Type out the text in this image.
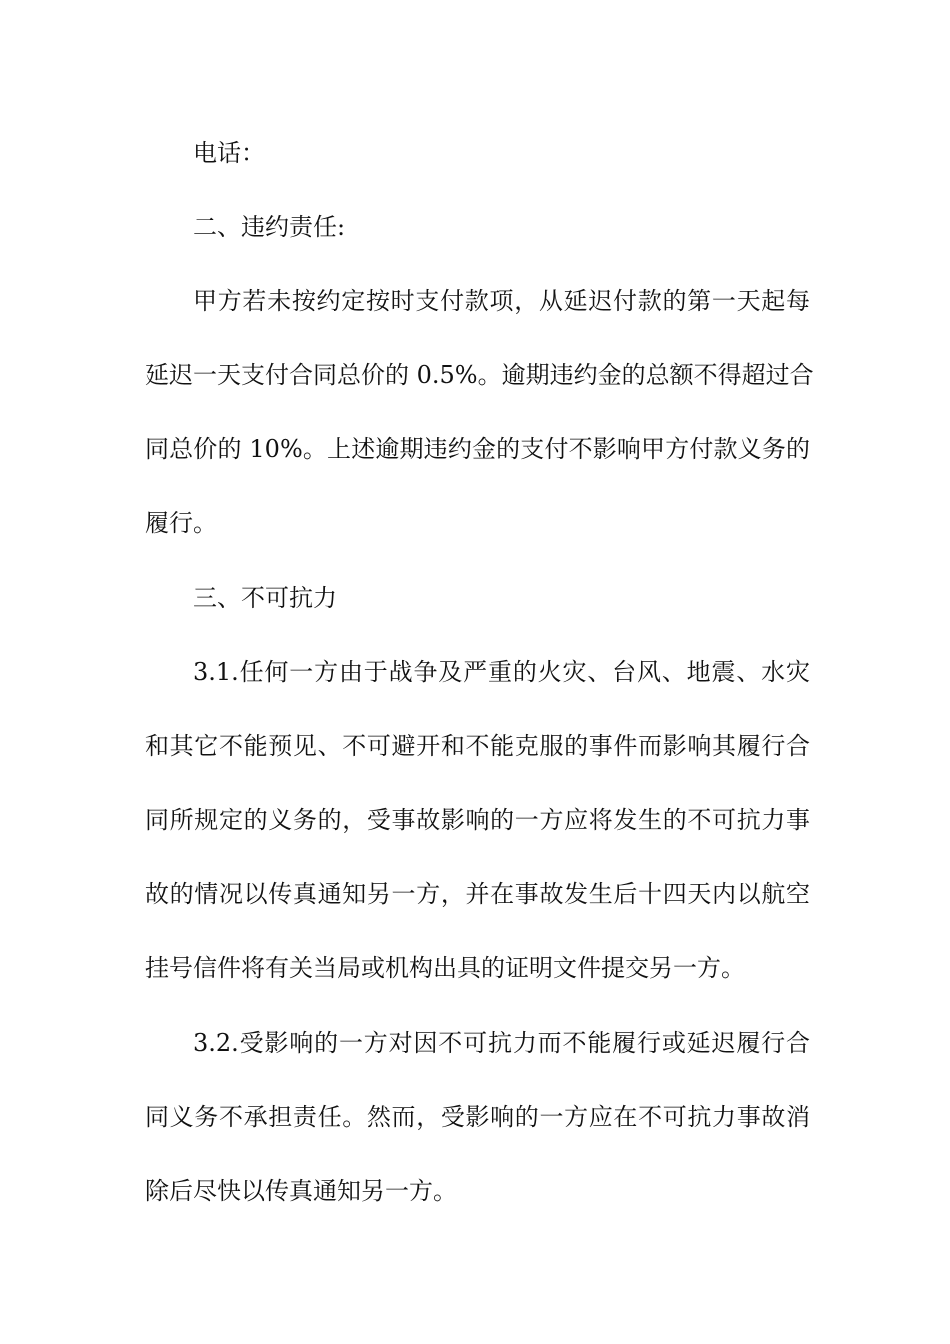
电话：
二、违约责任:
甲方若未按约定按时支付款项，从延迟付款的第一天起每
延迟一天支付合同总价的 0.5%。逾期违约金的总额不得超过合
同总价的 10%。上述逾期违约金的支付不影响甲方付款义务的
履行。
三、不可抗力
3.1.任何一方由于战争及严重的火灾、台风、地震、水灾
和其它不能预见、不可避开和不能克服的事件而影响其履行合
同所规定的义务的，受事故影响的一方应将发生的不可抗力事
故的情况以传真通知另一方，并在事故发生后十四天内以航空
挂号信件将有关当局或机构出具的证明文件提交另一方。
3.2.受影响的一方对因不可抗力而不能履行或延迟履行合
同义务不承担责任。然而，受影响的一方应在不可抗力事故消
除后尽快以传真通知另一方。
